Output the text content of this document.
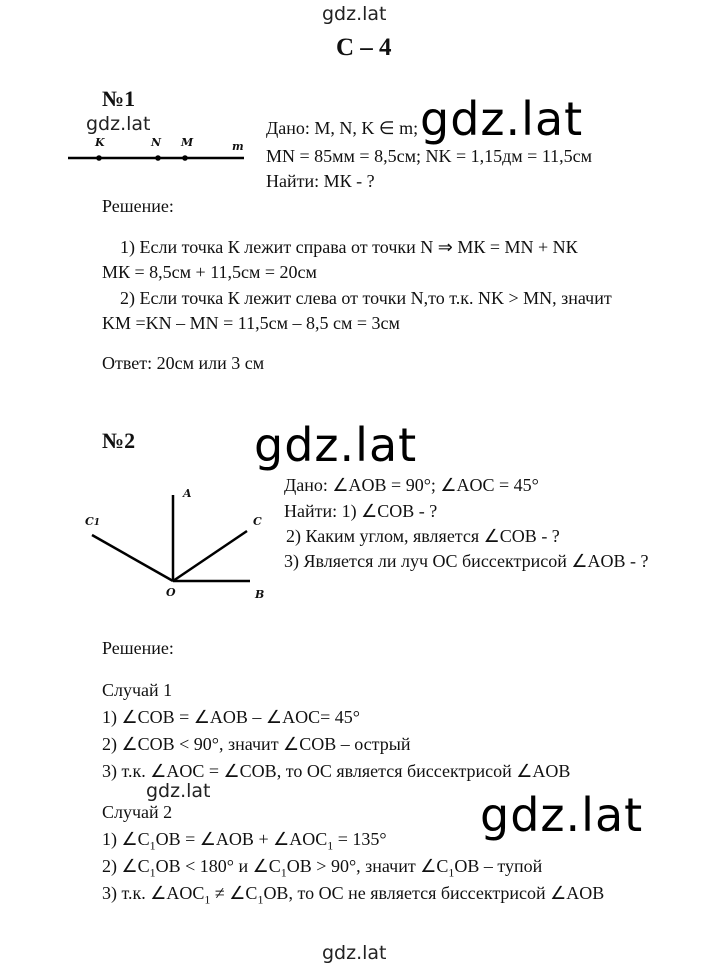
gdz.lat
С – 4
№1
gdz.lat
K	N M	m
Дано: M, N, K ∈ m; gdz.lat
MN = 85мм = 8,5см; NK = 1,15дм = 11,5см
Найти: МК - ?
Решение:
1) Если точка К лежит справа от точки N ⇒ MК = MN + NК
MК = 8,5см + 11,5см = 20см
2) Если точка К лежит слева от точки N,то т.к. NK > MN, значит
KM =KN – MN = 11,5см – 8,5 см = 3см
Ответ: 20см или 3 см
№2	gdz.lat
A
C1	C
O	B
Дано: ∠AOB = 90°; ∠AOC = 45°
Найти: 1) ∠COB - ?
2) Каким углом, является ∠COB - ?
3) Является ли луч OC биссектрисой ∠AOB - ?
Решение:
Случай 1
1) ∠COB = ∠AOB – ∠AOC= 45°
2) ∠COB < 90°, значит ∠COB – острый
3) т.к. ∠AOC = ∠COB, то OC является биссектрисой ∠AOB
gdz.lat
Случай 2	gdz.lat
1) $\angle C_1OB$ = ∠AOB + $\angle AOC_1 = 135^\circ$
2) $\angle C_1OB < 180^\circ$ и $\angle C_1OB > 90^\circ$, значит $\angle C_1OB$ – тупой
3) т.к. $\angle AOC_1$ ≠ $\angle C_1OB$, то OC не является биссектрисой ∠AOB
gdz.lat
